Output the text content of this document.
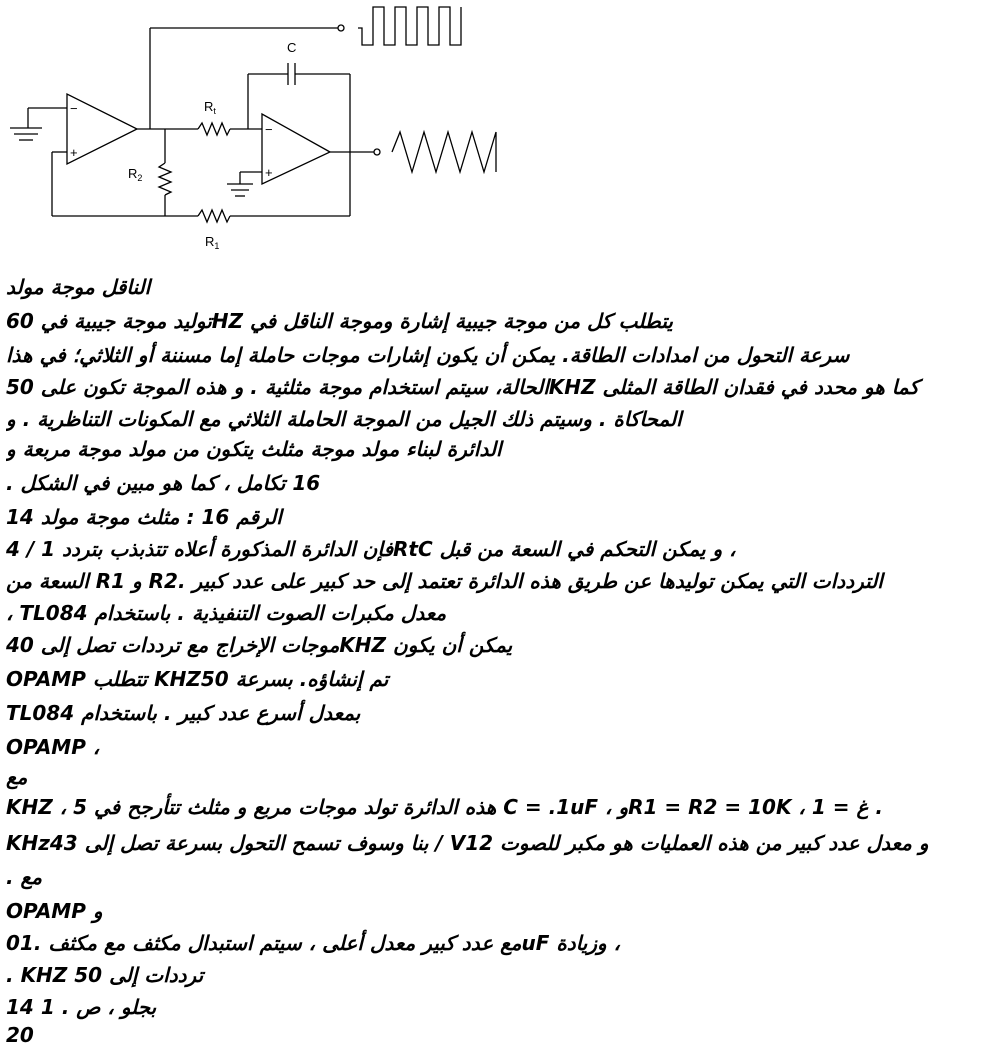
−
+
−
+
C
$R_t$
$R_2$
$R_1$
الناقل موجة مولد
يتطلب كل من موجة جيبية إشارة وموجة الناقل في HZتوليد موجة جيبية في 60
سرعة التحول من امدادات الطاقة. يمكن أن يكون إشارات موجات حاملة إما مسننة أو الثلاثي؛ في هذا
كما هو محدد في فقدان الطاقة المثلى KHZالحالة، سيتم استخدام موجة مثلثية . و هذه الموجة تكون على 50
المحاكاة . وسيتم ذلك الجيل من الموجة الحاملة الثلاثي مع المكونات التناظرية . و
الدائرة لبناء مولد موجة مثلث يتكون من مولد موجة مربعة و
16 تكامل ، كما هو مبين في الشكل .
الرقم 16 : مثلث موجة مولد 14
، و يمكن التحكم في السعة من قبل RtCفإن الدائرة المذكورة أعلاه تتذبذب بتردد 1 / 4
الترددات التي يمكن توليدها عن طريق هذه الدائرة تعتمد إلى حد كبير على عدد كبير .R2 و R1 السعة من
، TL084 معدل مكبرات الصوت التنفيذية . باستخدام
يمكن أن يكون KHZموجات الإخراج مع ترددات تصل إلى 40
OPAMP تتطلب KHZتم إنشاؤه. بسرعة 50
TL084 بمعدل أسرع عدد كبير . باستخدام
OPAMP ،
مع
KHZ ، هذه الدائرة تولد موجات مربع و مثلث تتأرجح في 5 C = .1uF ، وR1 = R2 = 10K ، غ = 1 .
KHzبنا وسوف تسمح التحول بسرعة تصل إلى 43 / Vو معدل عدد كبير من هذه العمليات هو مكبر للصوت 12
مع .
و OPAMP
، وزيادة uFمع عدد كبير معدل أعلى ، سيتم استبدال مكثف مع مكثف .01
ترددات إلى KHZ 50 .
بجلو ، ص . 1 14
20
